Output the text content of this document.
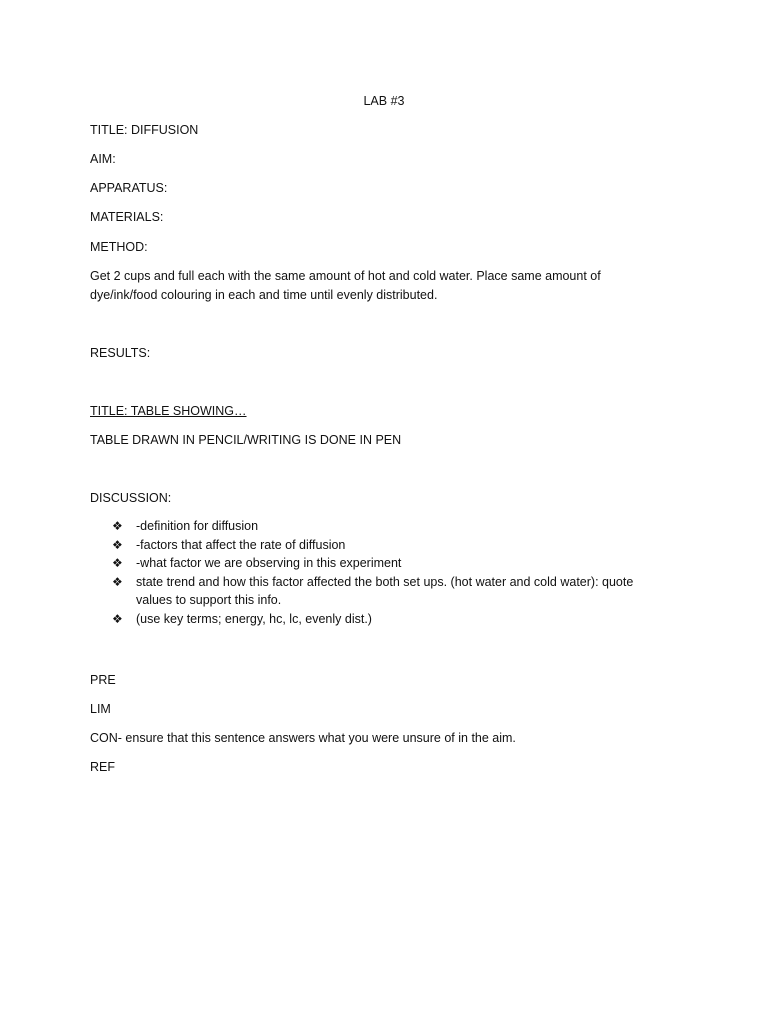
LAB #3
TITLE: DIFFUSION
AIM:
APPARATUS:
MATERIALS:
METHOD:
Get 2 cups and full each with the same amount of hot and cold water. Place same amount of dye/ink/food colouring in each and time until evenly distributed.
RESULTS:
TITLE: TABLE SHOWING…
TABLE DRAWN IN PENCIL/WRITING IS DONE IN PEN
DISCUSSION:
❖ -definition for diffusion
❖ -factors that affect the rate of diffusion
❖ -what factor we are observing in this experiment
❖ state trend and how this factor affected the both set ups. (hot water and cold water): quote values to support this info.
❖ (use key terms; energy, hc, lc, evenly dist.)
PRE
LIM
CON- ensure that this sentence answers what you were unsure of in the aim.
REF
